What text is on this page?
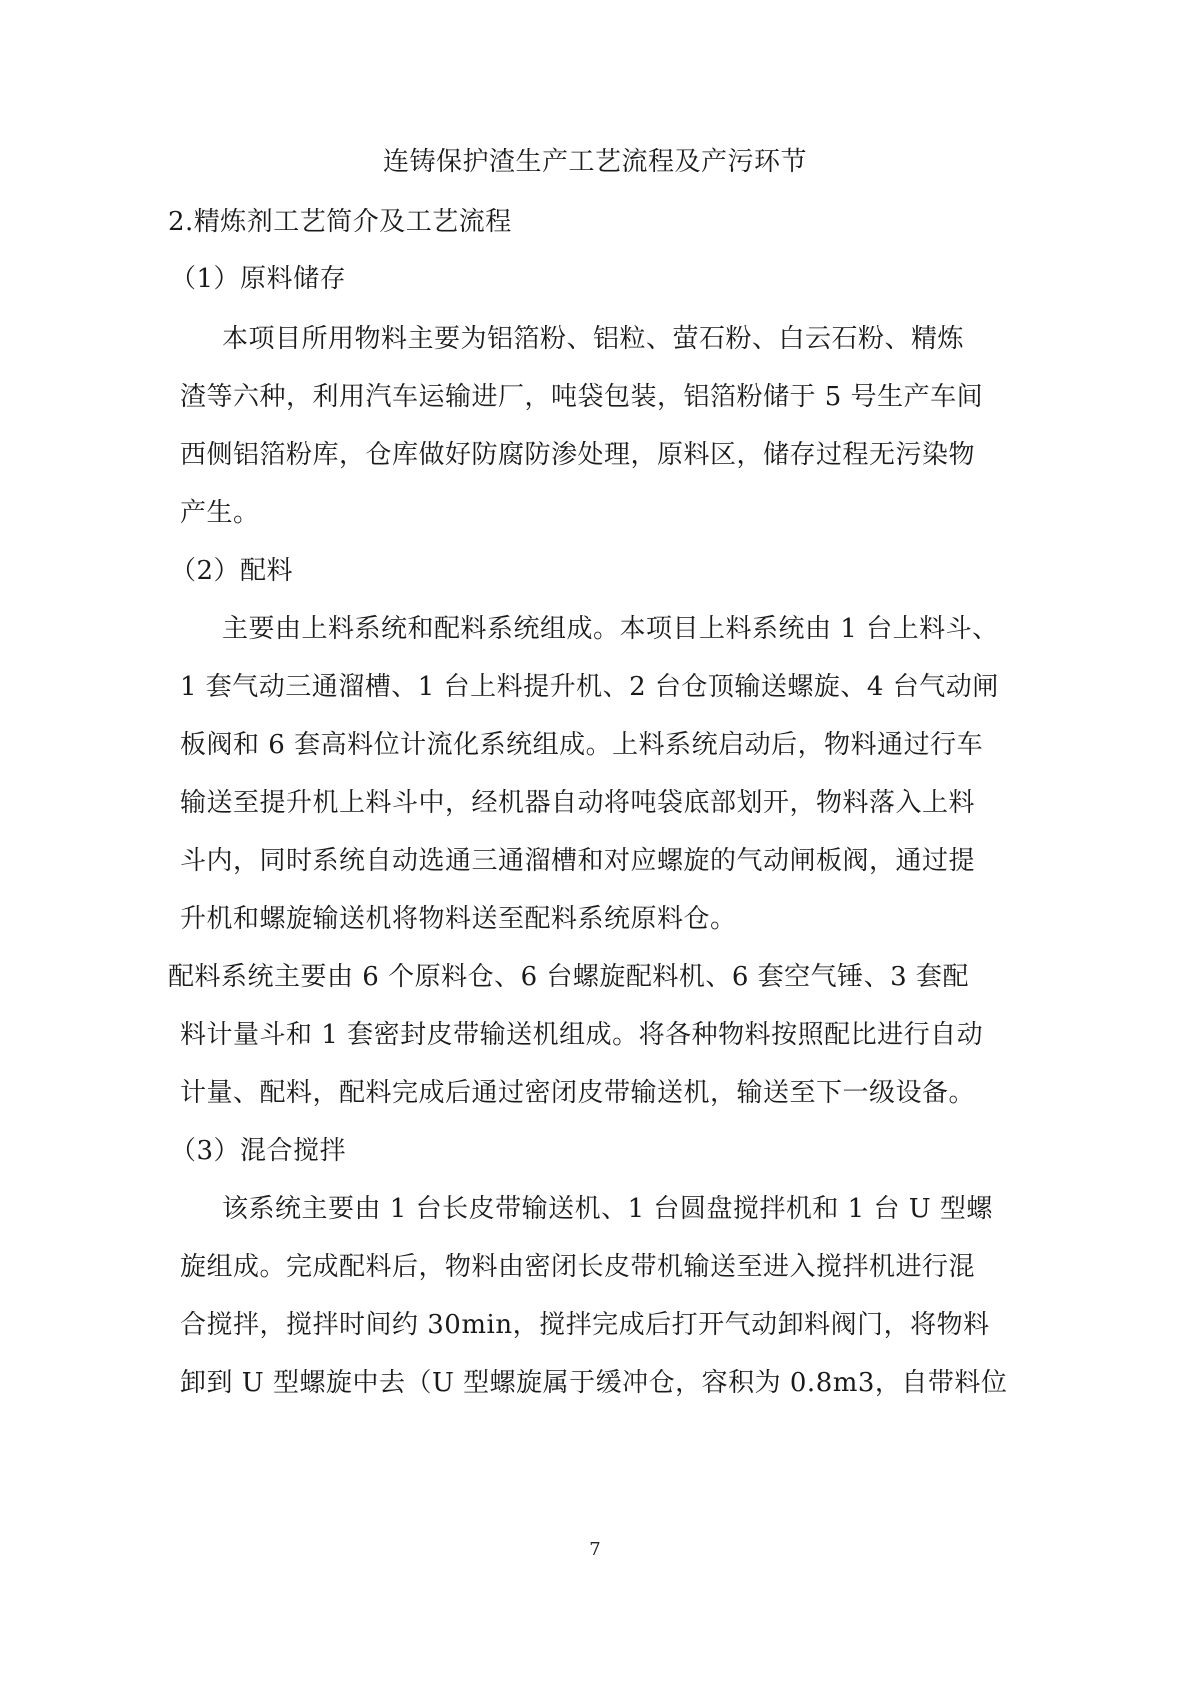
连铸保护渣生产工艺流程及产污环节
2.精炼剂工艺简介及工艺流程
（1）原料储存
本项目所用物料主要为铝箔粉、铝粒、萤石粉、白云石粉、精炼
渣等六种，利用汽车运输进厂，吨袋包装，铝箔粉储于 5 号生产车间
西侧铝箔粉库，仓库做好防腐防渗处理，原料区，储存过程无污染物
产生。
（2）配料
主要由上料系统和配料系统组成。本项目上料系统由 1 台上料斗、
1 套气动三通溜槽、1 台上料提升机、2 台仓顶输送螺旋、4 台气动闸
板阀和 6 套高料位计流化系统组成。上料系统启动后，物料通过行车
输送至提升机上料斗中，经机器自动将吨袋底部划开，物料落入上料
斗内，同时系统自动选通三通溜槽和对应螺旋的气动闸板阀，通过提
升机和螺旋输送机将物料送至配料系统原料仓。
配料系统主要由 6 个原料仓、6 台螺旋配料机、6 套空气锤、3 套配
料计量斗和 1 套密封皮带输送机组成。将各种物料按照配比进行自动
计量、配料，配料完成后通过密闭皮带输送机，输送至下一级设备。
（3）混合搅拌
该系统主要由 1 台长皮带输送机、1 台圆盘搅拌机和 1 台 U 型螺
旋组成。完成配料后，物料由密闭长皮带机输送至进入搅拌机进行混
合搅拌，搅拌时间约 30min，搅拌完成后打开气动卸料阀门，将物料
卸到 U 型螺旋中去（U 型螺旋属于缓冲仓，容积为 0.8m3，自带料位
7
